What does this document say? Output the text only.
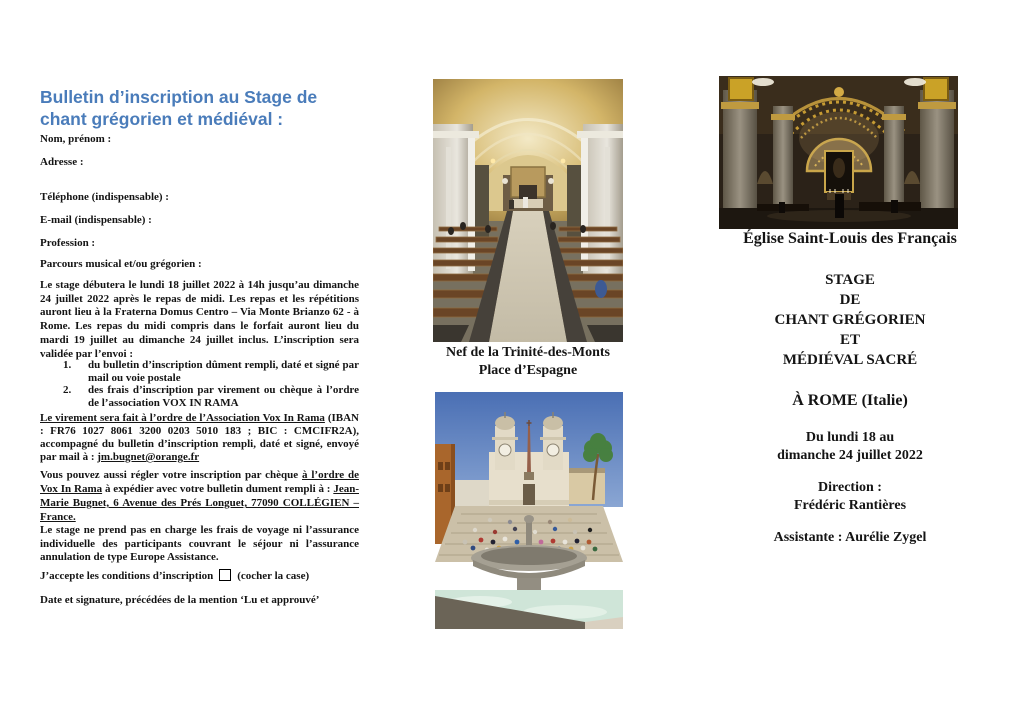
Bulletin d’inscription au Stage de
chant grégorien et médiéval :
Nom, prénom :
Adresse :
Téléphone (indispensable) :
E-mail (indispensable) :
Profession :
Parcours musical et/ou grégorien :

Le stage débutera le lundi 18 juillet 2022 à 14h jusqu’au dimanche 24 juillet 2022 après le repas de midi. Les repas et les répétitions auront lieu à la Fraterna Domus Centro – Via Monte Brianzo 62 - à Rome. Les repas du midi compris dans le forfait auront lieu du mardi 19 juillet au dimanche 24 juillet inclus. L’inscription sera validée par l’envoi :

1.	du bulletin d’inscription dûment rempli, daté et signé par mail ou voie postale
2.	des frais d’inscription par virement ou chèque à l’ordre de l’association VOX IN RAMA

Le virement sera fait à l’ordre de l’Association Vox In Rama (IBAN : FR76 1027 8061 3200 0203 5010 183 ; BIC : CMCIFR2A), accompagné du bulletin d’inscription rempli, daté et signé, envoyé par mail à : jm.bugnet@orange.fr

Vous pouvez aussi régler votre inscription par chèque à l’ordre de Vox In Rama à expédier avec votre bulletin dument rempli à : Jean-Marie Bugnet, 6 Avenue des Prés Longuet, 77090 COLLÉGIEN – France.

Le stage ne prend pas en charge les frais de voyage ni l’assurance individuelle des participants couvrant le séjour ni l’assurance annulation de type Europe Assistance.

J’accepte les conditions d’inscription (cocher la case)

Date et signature, précédées de la mention ‘Lu et approuvé’

Nef de la Trinité-des-Monts
Place d’Espagne
Église Saint-Louis des Français
STAGE
DE
CHANT GRÉGORIEN
ET
MÉDIÉVAL SACRÉ
À ROME (Italie)
Du lundi 18 au
dimanche 24 juillet 2022
Direction :
Frédéric Rantières
Assistante : Aurélie Zygel
